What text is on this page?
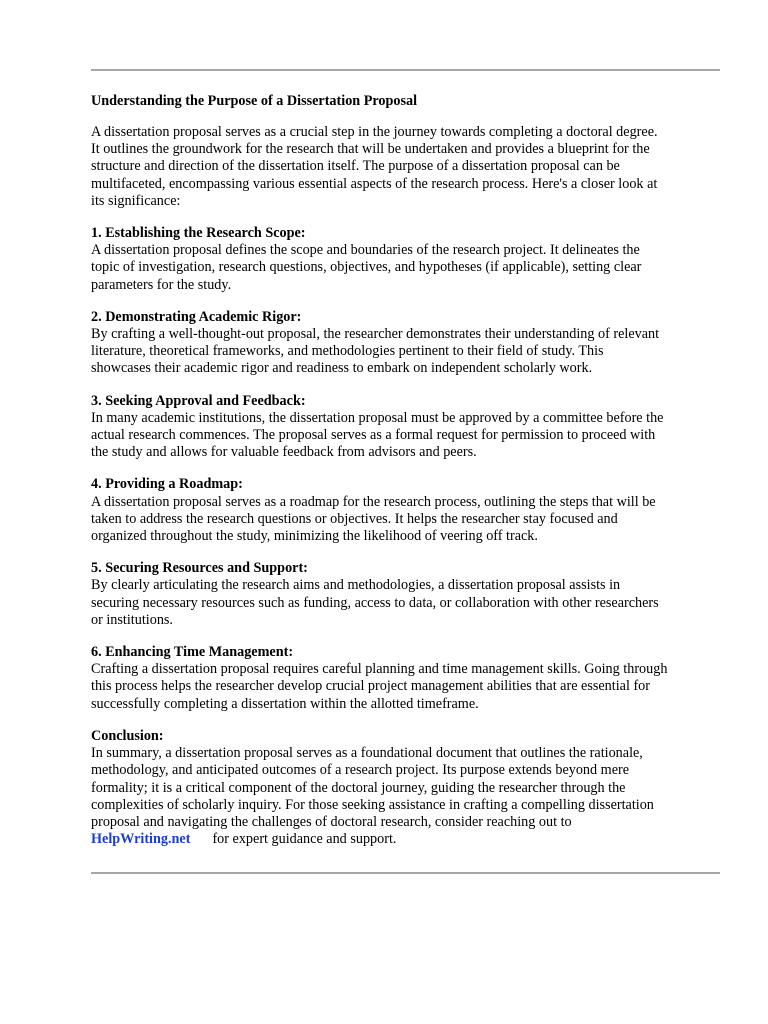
Understanding the Purpose of a Dissertation Proposal

A dissertation proposal serves as a crucial step in the journey towards completing a doctoral degree.
It outlines the groundwork for the research that will be undertaken and provides a blueprint for the
structure and direction of the dissertation itself. The purpose of a dissertation proposal can be
multifaceted, encompassing various essential aspects of the research process. Here's a closer look at
its significance:

1. Establishing the Research Scope:

A dissertation proposal defines the scope and boundaries of the research project. It delineates the
topic of investigation, research questions, objectives, and hypotheses (if applicable), setting clear
parameters for the study.

2. Demonstrating Academic Rigor:

By crafting a well-thought-out proposal, the researcher demonstrates their understanding of relevant
literature, theoretical frameworks, and methodologies pertinent to their field of study. This
showcases their academic rigor and readiness to embark on independent scholarly work.

3. Seeking Approval and Feedback:

In many academic institutions, the dissertation proposal must be approved by a committee before the
actual research commences. The proposal serves as a formal request for permission to proceed with
the study and allows for valuable feedback from advisors and peers.

4. Providing a Roadmap:

A dissertation proposal serves as a roadmap for the research process, outlining the steps that will be
taken to address the research questions or objectives. It helps the researcher stay focused and
organized throughout the study, minimizing the likelihood of veering off track.

5. Securing Resources and Support:

By clearly articulating the research aims and methodologies, a dissertation proposal assists in
securing necessary resources such as funding, access to data, or collaboration with other researchers
or institutions.

6. Enhancing Time Management:

Crafting a dissertation proposal requires careful planning and time management skills. Going through
this process helps the researcher develop crucial project management abilities that are essential for
successfully completing a dissertation within the allotted timeframe.

Conclusion:

In summary, a dissertation proposal serves as a foundational document that outlines the rationale,
methodology, and anticipated outcomes of a research project. Its purpose extends beyond mere
formality; it is a critical component of the doctoral journey, guiding the researcher through the
complexities of scholarly inquiry. For those seeking assistance in crafting a compelling dissertation
proposal and navigating the challenges of doctoral research, consider reaching out to
HelpWriting.net for expert guidance and support.
